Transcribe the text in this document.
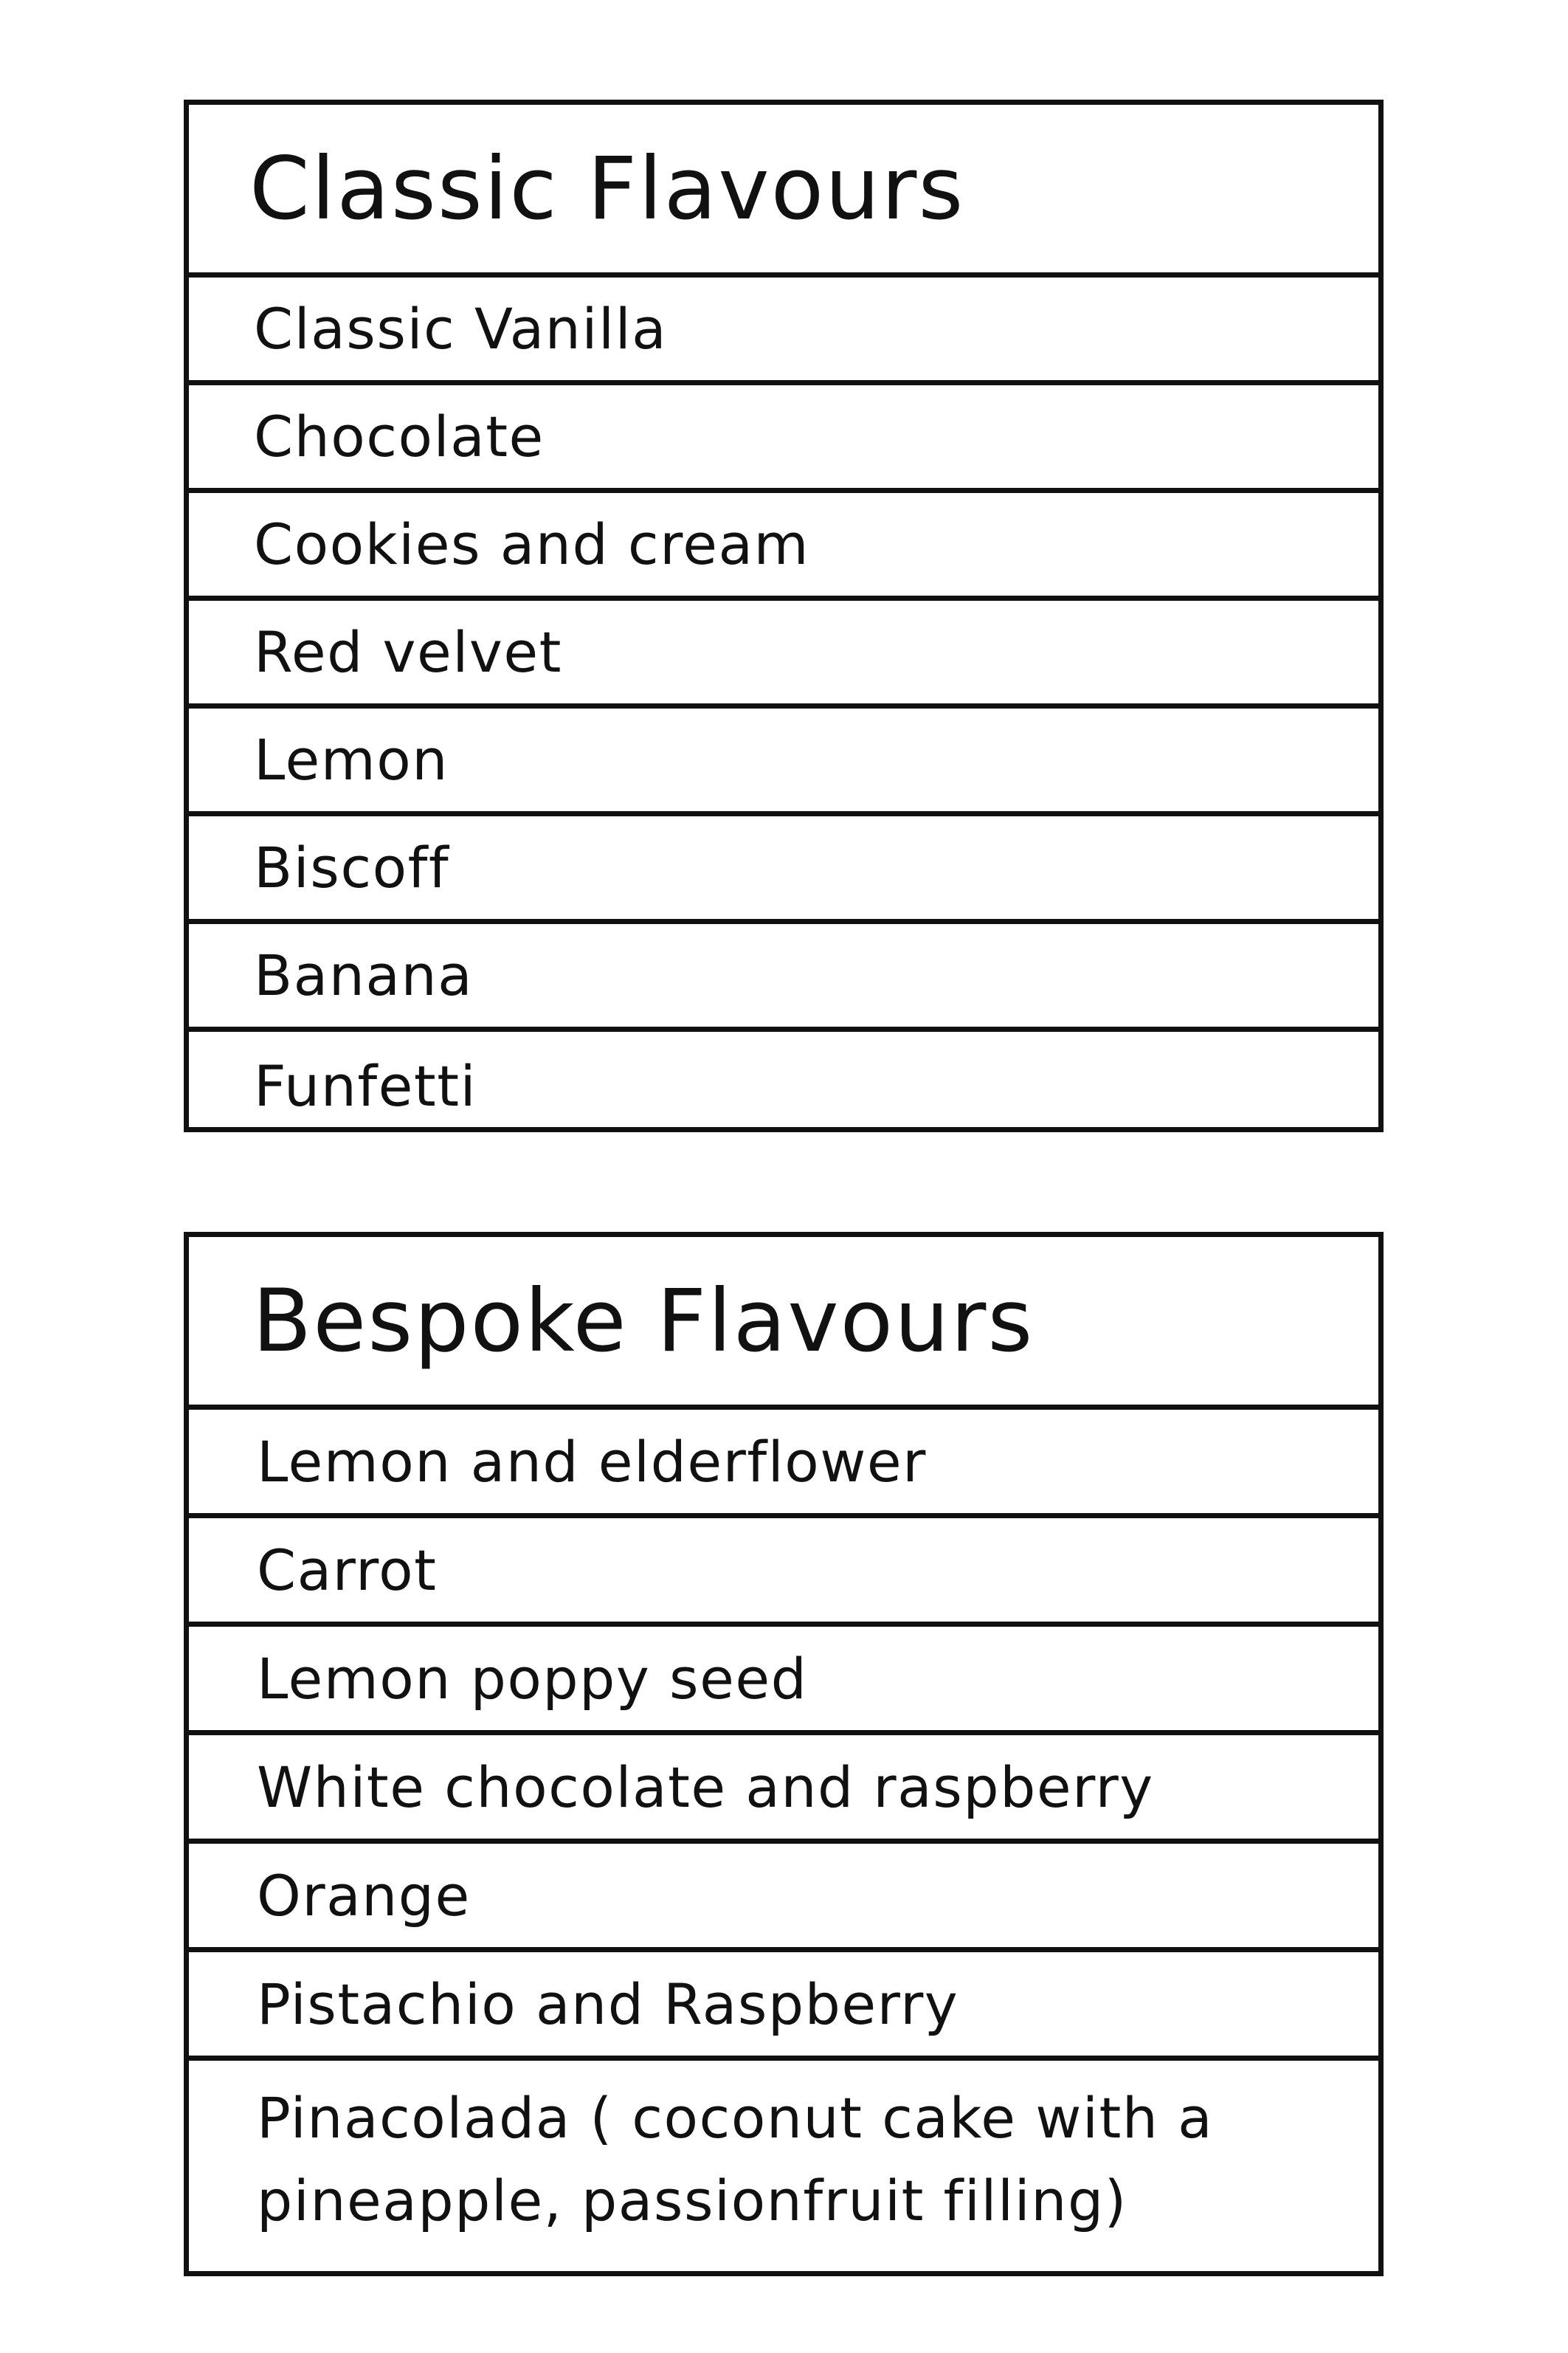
Classic Flavours
Classic Vanilla
Chocolate
Cookies and cream
Red velvet
Lemon
Biscoff
Banana
Funfetti
Bespoke Flavours
Lemon and elderflower
Carrot
Lemon poppy seed
White chocolate and raspberry
Orange
Pistachio and Raspberry
Pinacolada ( coconut cake with a pineapple, passionfruit filling)
